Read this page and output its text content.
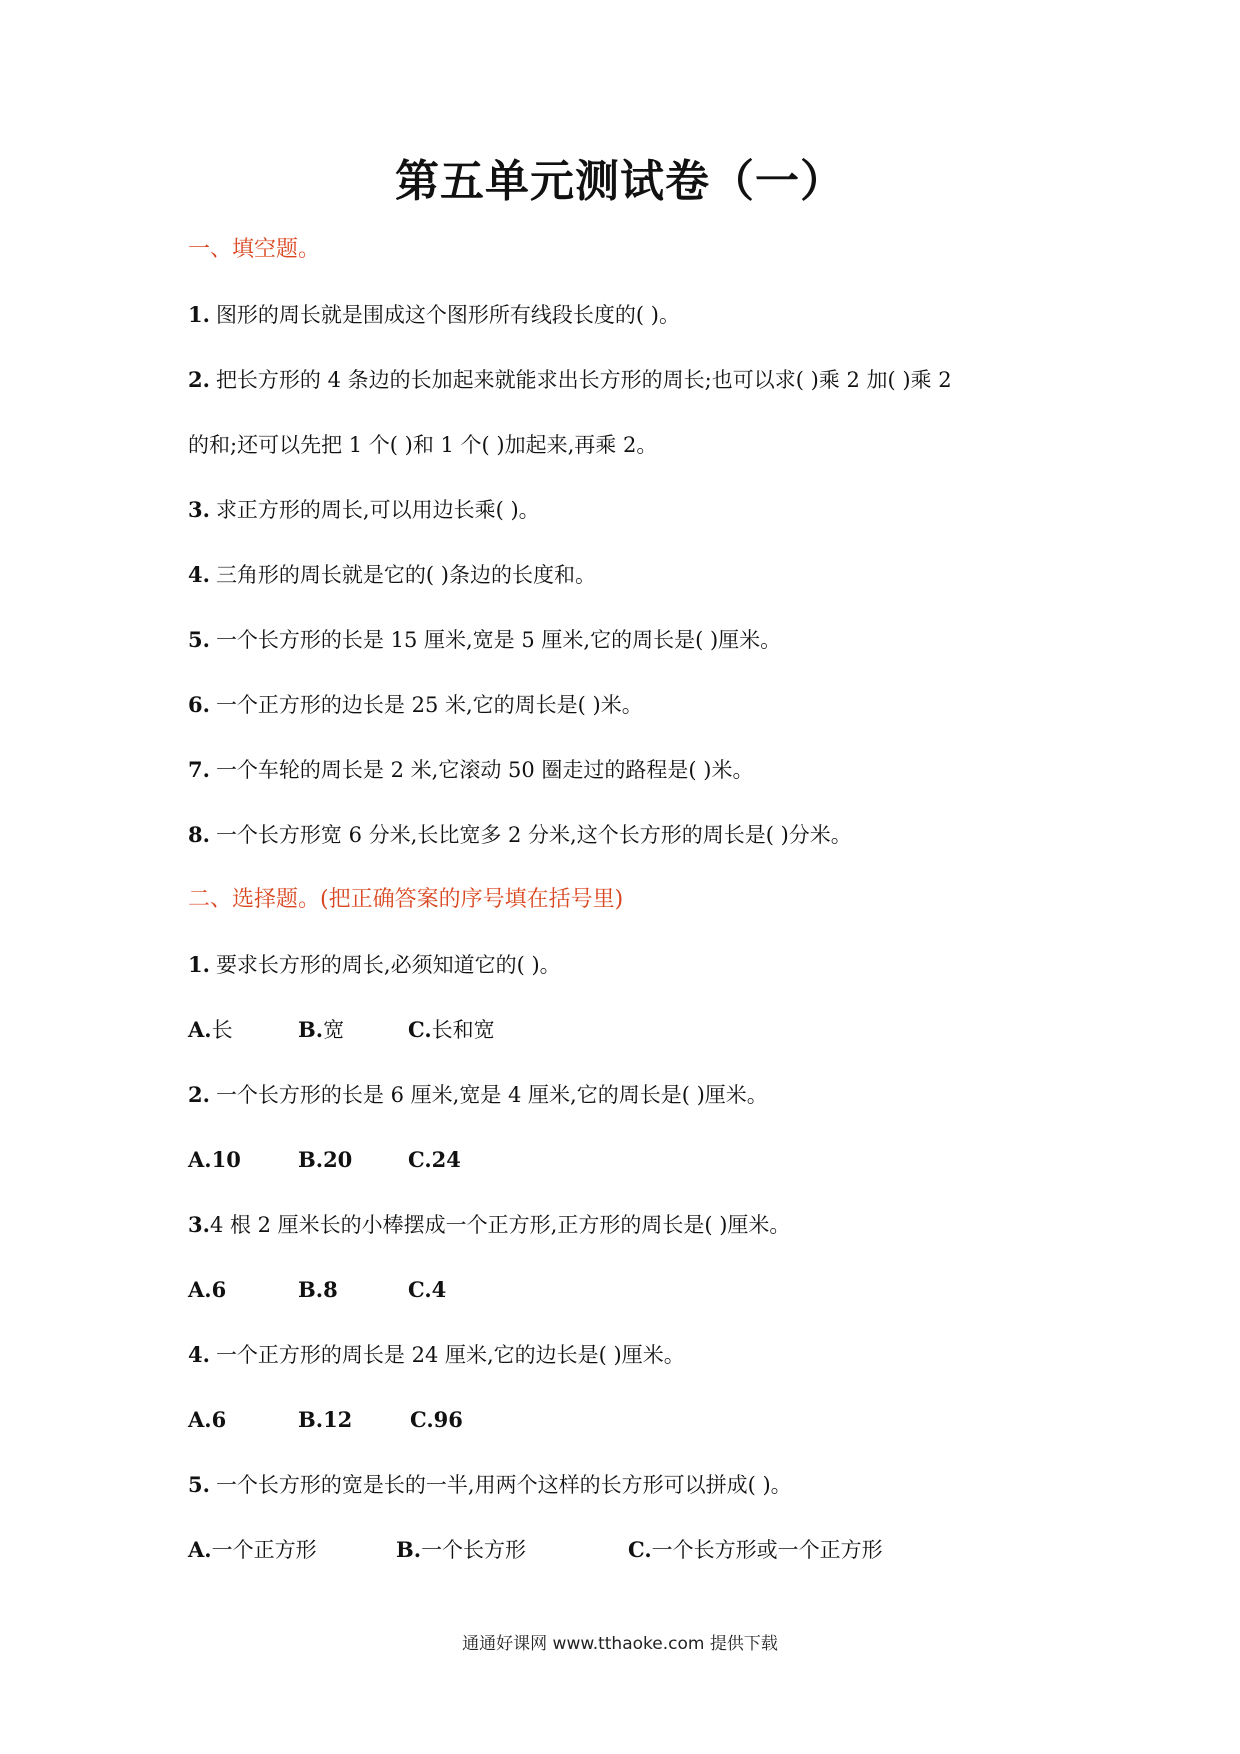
第五单元测试卷（一）
一、填空题。
1. 图形的周长就是围成这个图形所有线段长度的( )。
2. 把长方形的 4 条边的长加起来就能求出长方形的周长;也可以求( )乘 2 加( )乘 2
的和;还可以先把 1 个( )和 1 个( )加起来,再乘 2。
3. 求正方形的周长,可以用边长乘( )。
4. 三角形的周长就是它的( )条边的长度和。
5. 一个长方形的长是 15 厘米,宽是 5 厘米,它的周长是( )厘米。
6. 一个正方形的边长是 25 米,它的周长是( )米。
7. 一个车轮的周长是 2 米,它滚动 50 圈走过的路程是( )米。
8. 一个长方形宽 6 分米,长比宽多 2 分米,这个长方形的周长是( )分米。
二、选择题。(把正确答案的序号填在括号里)
1. 要求长方形的周长,必须知道它的( )。
A.长	B.宽	C.长和宽
2. 一个长方形的长是 6 厘米,宽是 4 厘米,它的周长是( )厘米。
A.10	B.20	C.24
3.4 根 2 厘米长的小棒摆成一个正方形,正方形的周长是( )厘米。
A.6	B.8	C.4
4. 一个正方形的周长是 24 厘米,它的边长是( )厘米。
A.6	B.12	C.96
5. 一个长方形的宽是长的一半,用两个这样的长方形可以拼成( )。
A.一个正方形	B.一个长方形	C.一个长方形或一个正方形
通通好课网 www.tthaoke.com 提供下载
